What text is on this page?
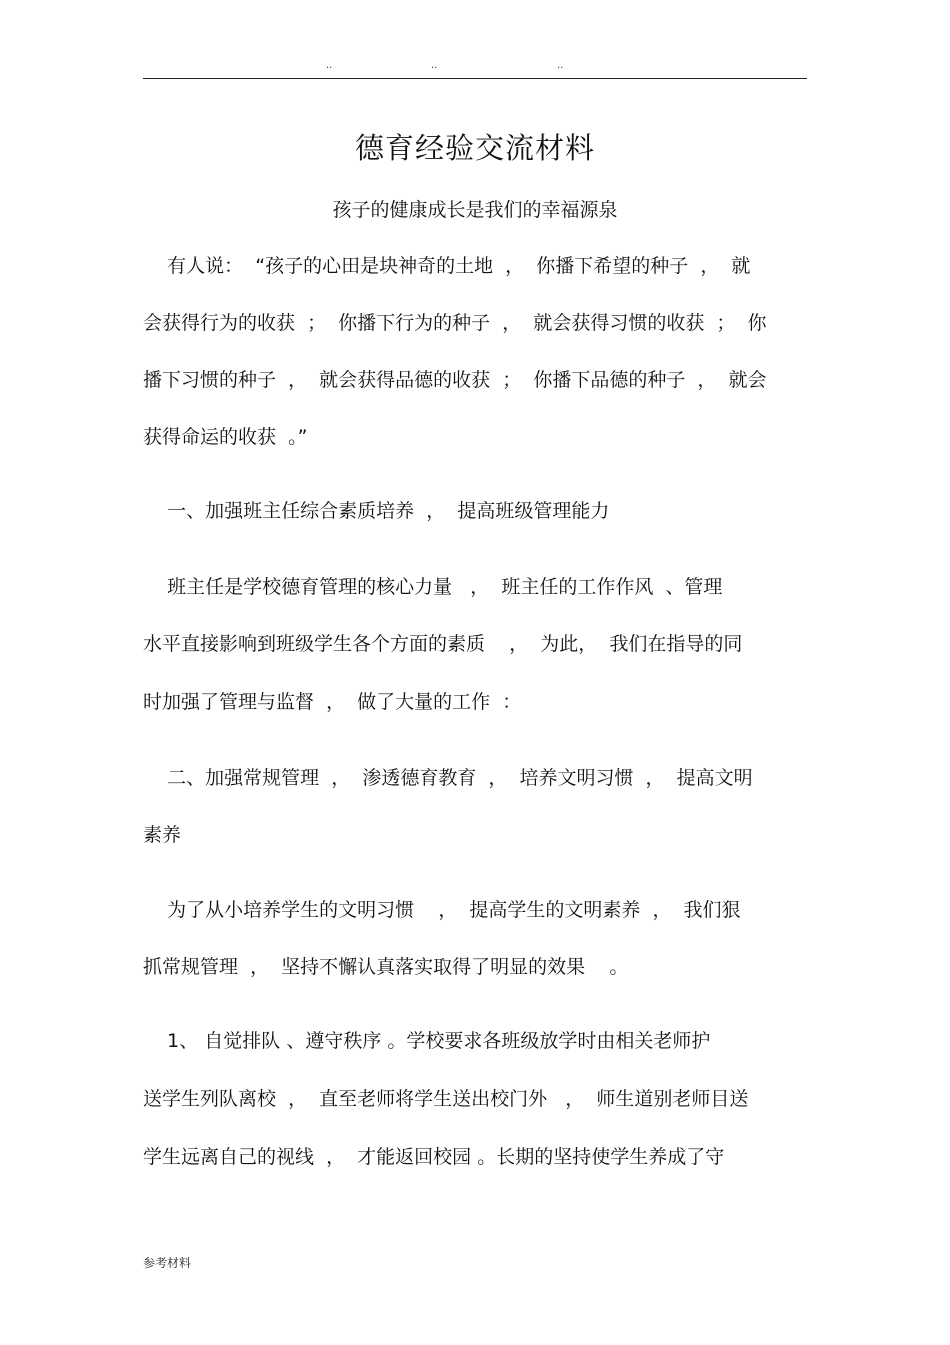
..	..	..
德育经验交流材料
孩子的健康成长是我们的幸福源泉
有人说：  “孩子的心田是块神奇的土地  ，  你播下希望的种子  ，  就
会获得行为的收获  ；  你播下行为的种子  ，  就会获得习惯的收获  ；  你
播下习惯的种子  ，  就会获得品德的收获  ；  你播下品德的种子  ，  就会
获得命运的收获  。”
一、加强班主任综合素质培养  ，  提高班级管理能力
班主任是学校德育管理的核心力量   ，  班主任的工作作风  、管理
水平直接影响到班级学生各个方面的素质    ，  为此，  我们在指导的同
时加强了管理与监督  ，  做了大量的工作  ：
二、加强常规管理  ，  渗透德育教育  ，  培养文明习惯  ，  提高文明
素养
为了从小培养学生的文明习惯    ，  提高学生的文明素养  ，  我们狠
抓常规管理  ，  坚持不懈认真落实取得了明显的效果    。
1、 自觉排队 、遵守秩序 。学校要求各班级放学时由相关老师护
送学生列队离校  ，  直至老师将学生送出校门外   ，  师生道别老师目送
学生远离自己的视线  ，  才能返回校园 。长期的坚持使学生养成了守
参考材料
